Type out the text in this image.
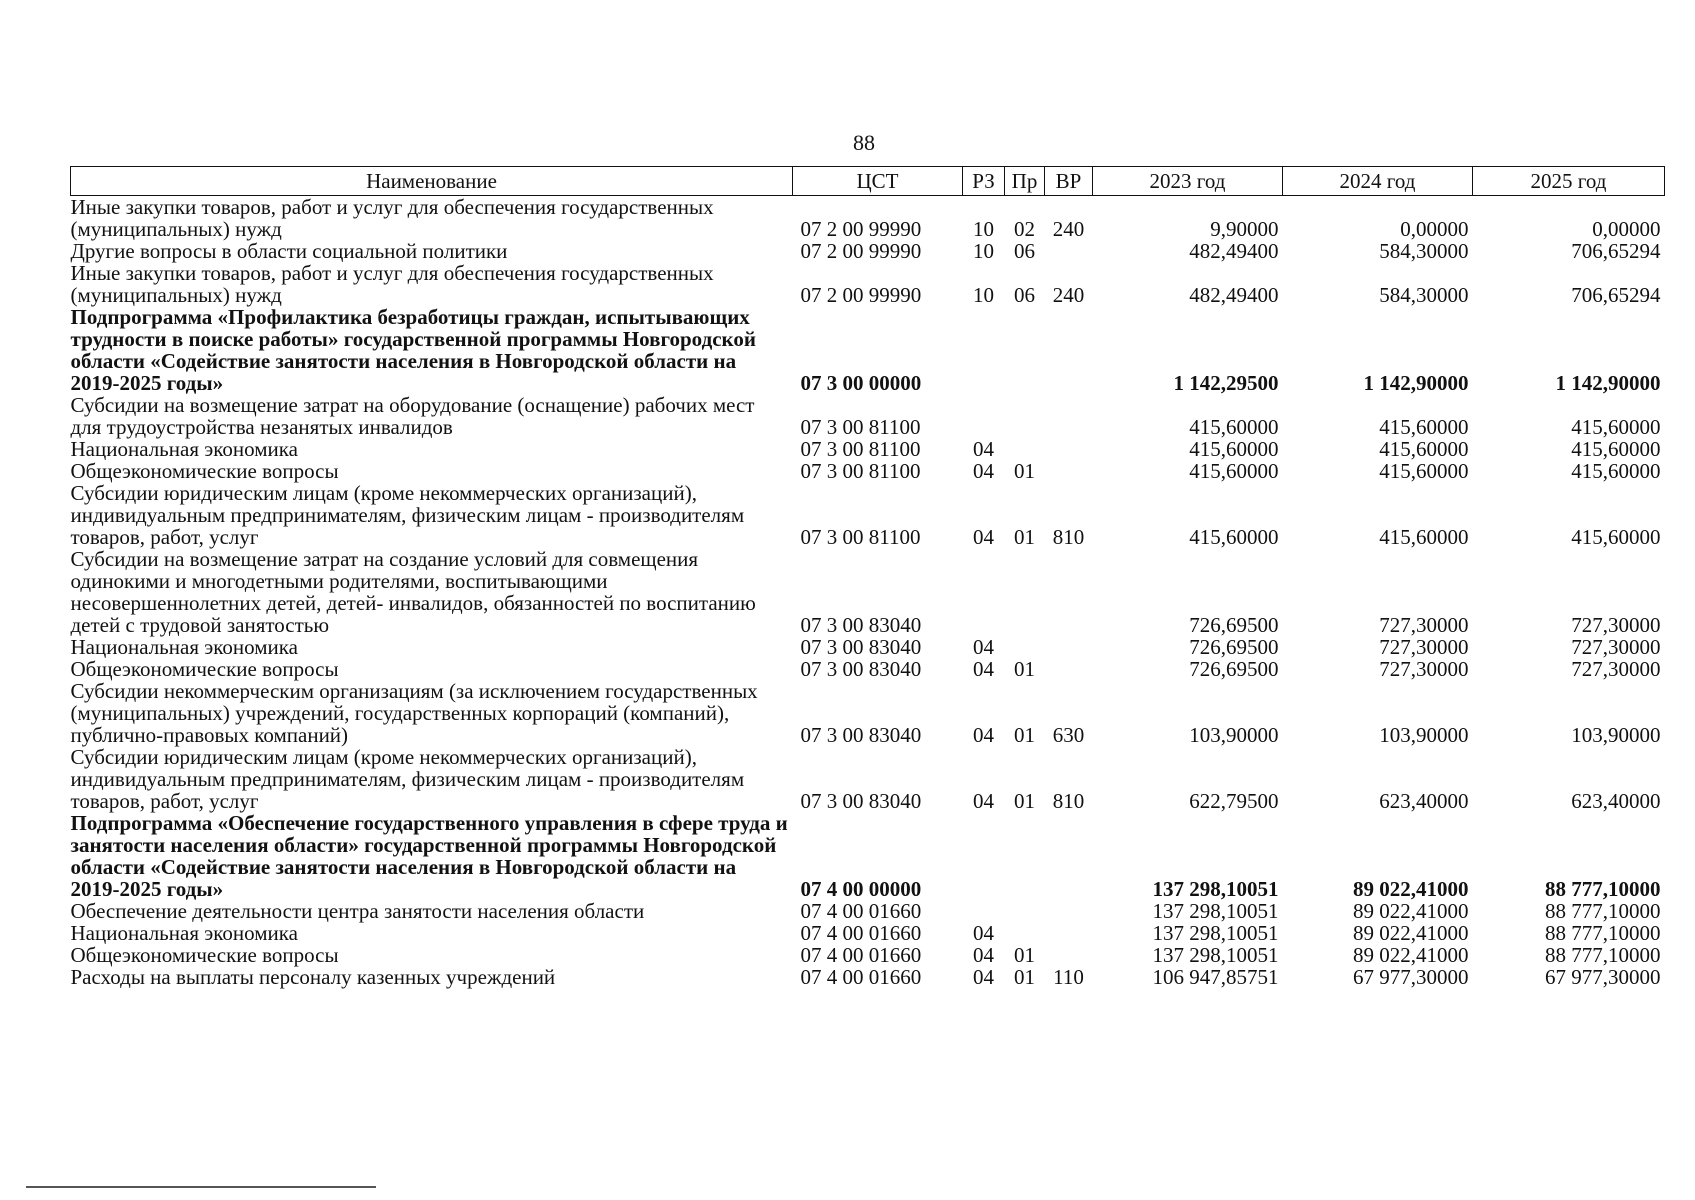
88
Наименование	ЦСТ	РЗ	Пр	ВР	2023 год	2024 год	2025 год
Иные закупки товаров, работ и услуг для обеспечения государственных (муниципальных) нужд	07 2 00 99990	10	02	240	9,90000	0,00000	0,00000
Другие вопросы в области социальной политики	07 2 00 99990	10	06		482,49400	584,30000	706,65294
Иные закупки товаров, работ и услуг для обеспечения государственных (муниципальных) нужд	07 2 00 99990	10	06	240	482,49400	584,30000	706,65294
Подпрограмма «Профилактика безработицы граждан, испытывающих трудности в поиске работы» государственной программы Новгородской области «Содействие занятости населения в Новгородской области на 2019-2025 годы»	07 3 00 00000				1 142,29500	1 142,90000	1 142,90000
Субсидии на возмещение затрат на оборудование (оснащение) рабочих мест для трудоустройства незанятых инвалидов	07 3 00 81100				415,60000	415,60000	415,60000
Национальная экономика	07 3 00 81100	04			415,60000	415,60000	415,60000
Общеэкономические вопросы	07 3 00 81100	04	01		415,60000	415,60000	415,60000
Субсидии юридическим лицам (кроме некоммерческих организаций), индивидуальным предпринимателям, физическим лицам - производителям товаров, работ, услуг	07 3 00 81100	04	01	810	415,60000	415,60000	415,60000
Субсидии на возмещение затрат на создание условий для совмещения одинокими и многодетными родителями, воспитывающими несовершеннолетних детей, детей- инвалидов, обязанностей по воспитанию детей с трудовой занятостью	07 3 00 83040				726,69500	727,30000	727,30000
Национальная экономика	07 3 00 83040	04			726,69500	727,30000	727,30000
Общеэкономические вопросы	07 3 00 83040	04	01		726,69500	727,30000	727,30000
Субсидии некоммерческим организациям (за исключением государственных (муниципальных) учреждений, государственных корпораций (компаний), публично-правовых компаний)	07 3 00 83040	04	01	630	103,90000	103,90000	103,90000
Субсидии юридическим лицам (кроме некоммерческих организаций), индивидуальным предпринимателям, физическим лицам - производителям товаров, работ, услуг	07 3 00 83040	04	01	810	622,79500	623,40000	623,40000
Подпрограмма «Обеспечение государственного управления в сфере труда и занятости населения области» государственной программы Новгородской области «Содействие занятости населения в Новгородской области на 2019-2025 годы»	07 4 00 00000				137 298,10051	89 022,41000	88 777,10000
Обеспечение деятельности центра занятости населения области	07 4 00 01660				137 298,10051	89 022,41000	88 777,10000
Национальная экономика	07 4 00 01660	04			137 298,10051	89 022,41000	88 777,10000
Общеэкономические вопросы	07 4 00 01660	04	01		137 298,10051	89 022,41000	88 777,10000
Расходы на выплаты персоналу казенных учреждений	07 4 00 01660	04	01	110	106 947,85751	67 977,30000	67 977,30000
